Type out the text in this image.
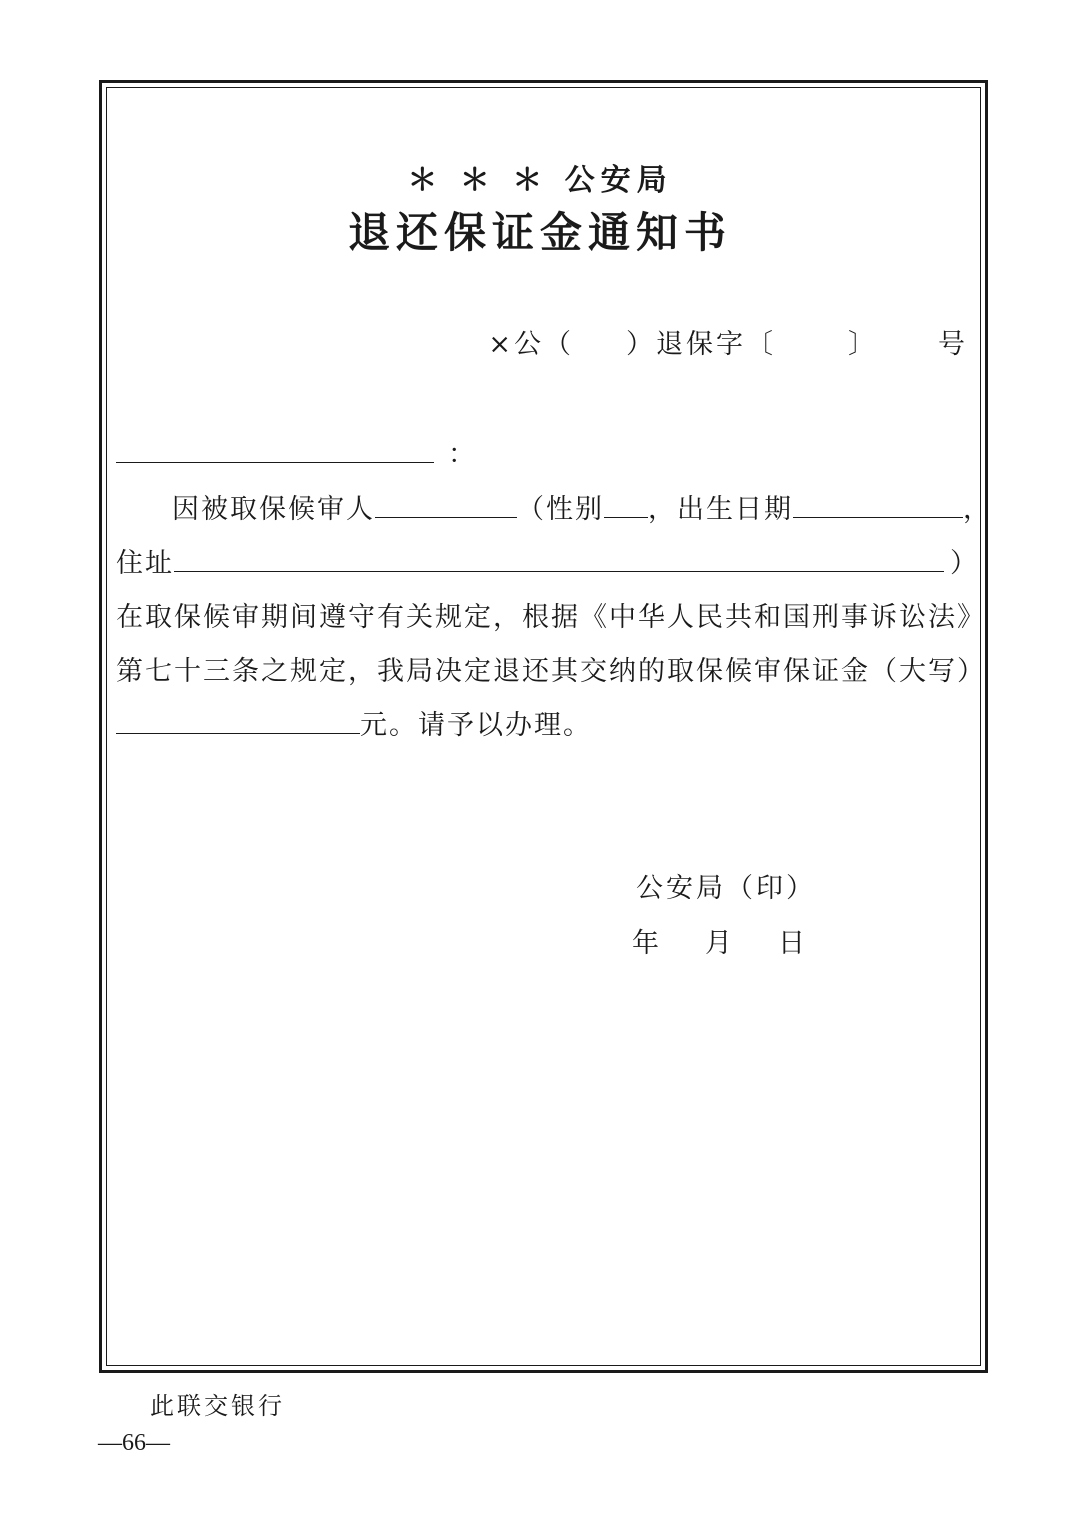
＊ ＊ ＊ 公安局
退还保证金通知书
×公（ ）退保字〔	〕 号
：
因被取保候审人	（性别 ，出生日期	，
住址	）
在取保候审期间遵守有关规定，根据《中华人民共和国刑事诉讼法》
第七十三条之规定，我局决定退还其交纳的取保候审保证金（大写）
元。请予以办理。
公安局（印）
年 月 日
此联交银行
—66—
